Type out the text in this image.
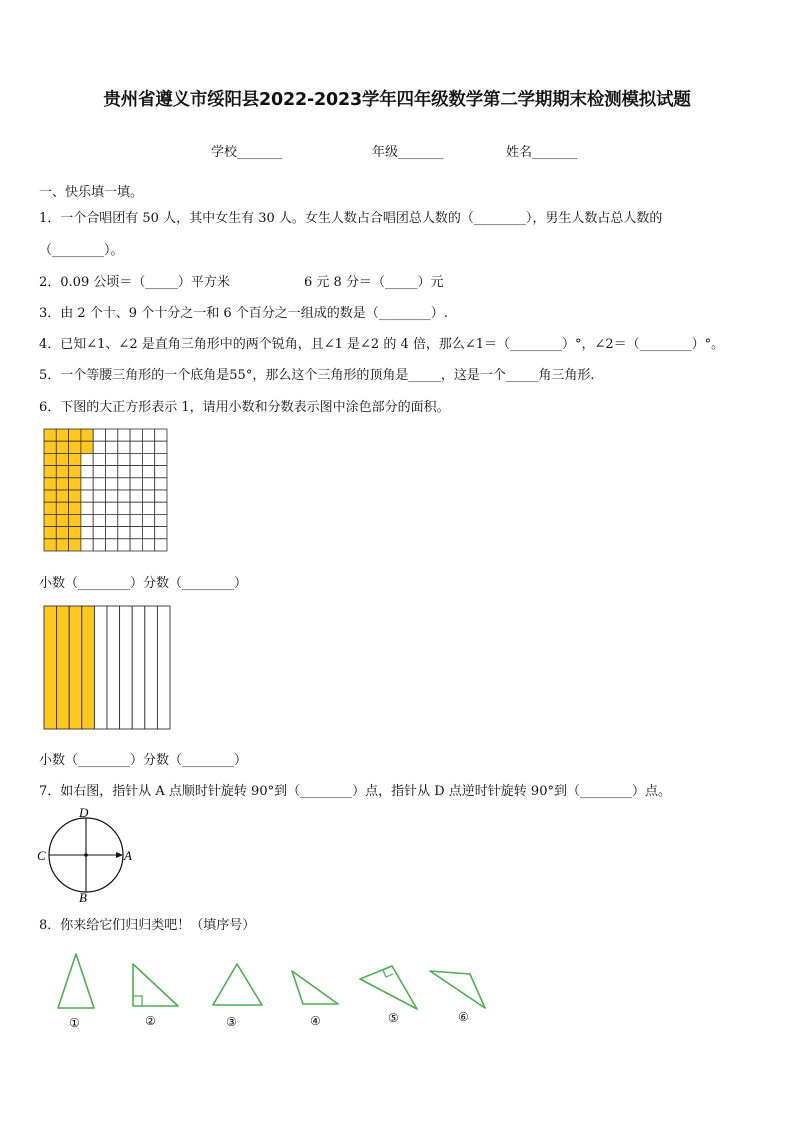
贵州省遵义市绥阳县2022-2023学年四年级数学第二学期期末检测模拟试题
学校_______	年级_______	姓名_______
一、快乐填一填。
1．一个合唱团有 50 人，其中女生有 30 人。女生人数占合唱团总人数的（________），男生人数占总人数的
（________）。
2．0.09 公顷＝（_____）平方米	6 元 8 分＝（_____）元
3．由 2 个十、9 个十分之一和 6 个百分之一组成的数是（________）.
4．已知∠1、∠2 是直角三角形中的两个锐角，且∠1 是∠2 的 4 倍，那么∠1＝（________）°，∠2＝（________）°。
5．一个等腰三角形的一个底角是55°，那么这个三角形的顶角是_____，这是一个_____角三角形.
6．下图的大正方形表示 1，请用小数和分数表示图中涂色部分的面积。
小数（________）分数（________）
小数（________）分数（________）
7．如右图，指针从 A 点顺时针旋转 90°到（________）点，指针从 D 点逆时针旋转 90°到（________）点。
D
B
C	A
8．你来给它们归归类吧！（填序号）
①	②	③	④	⑤	⑥
